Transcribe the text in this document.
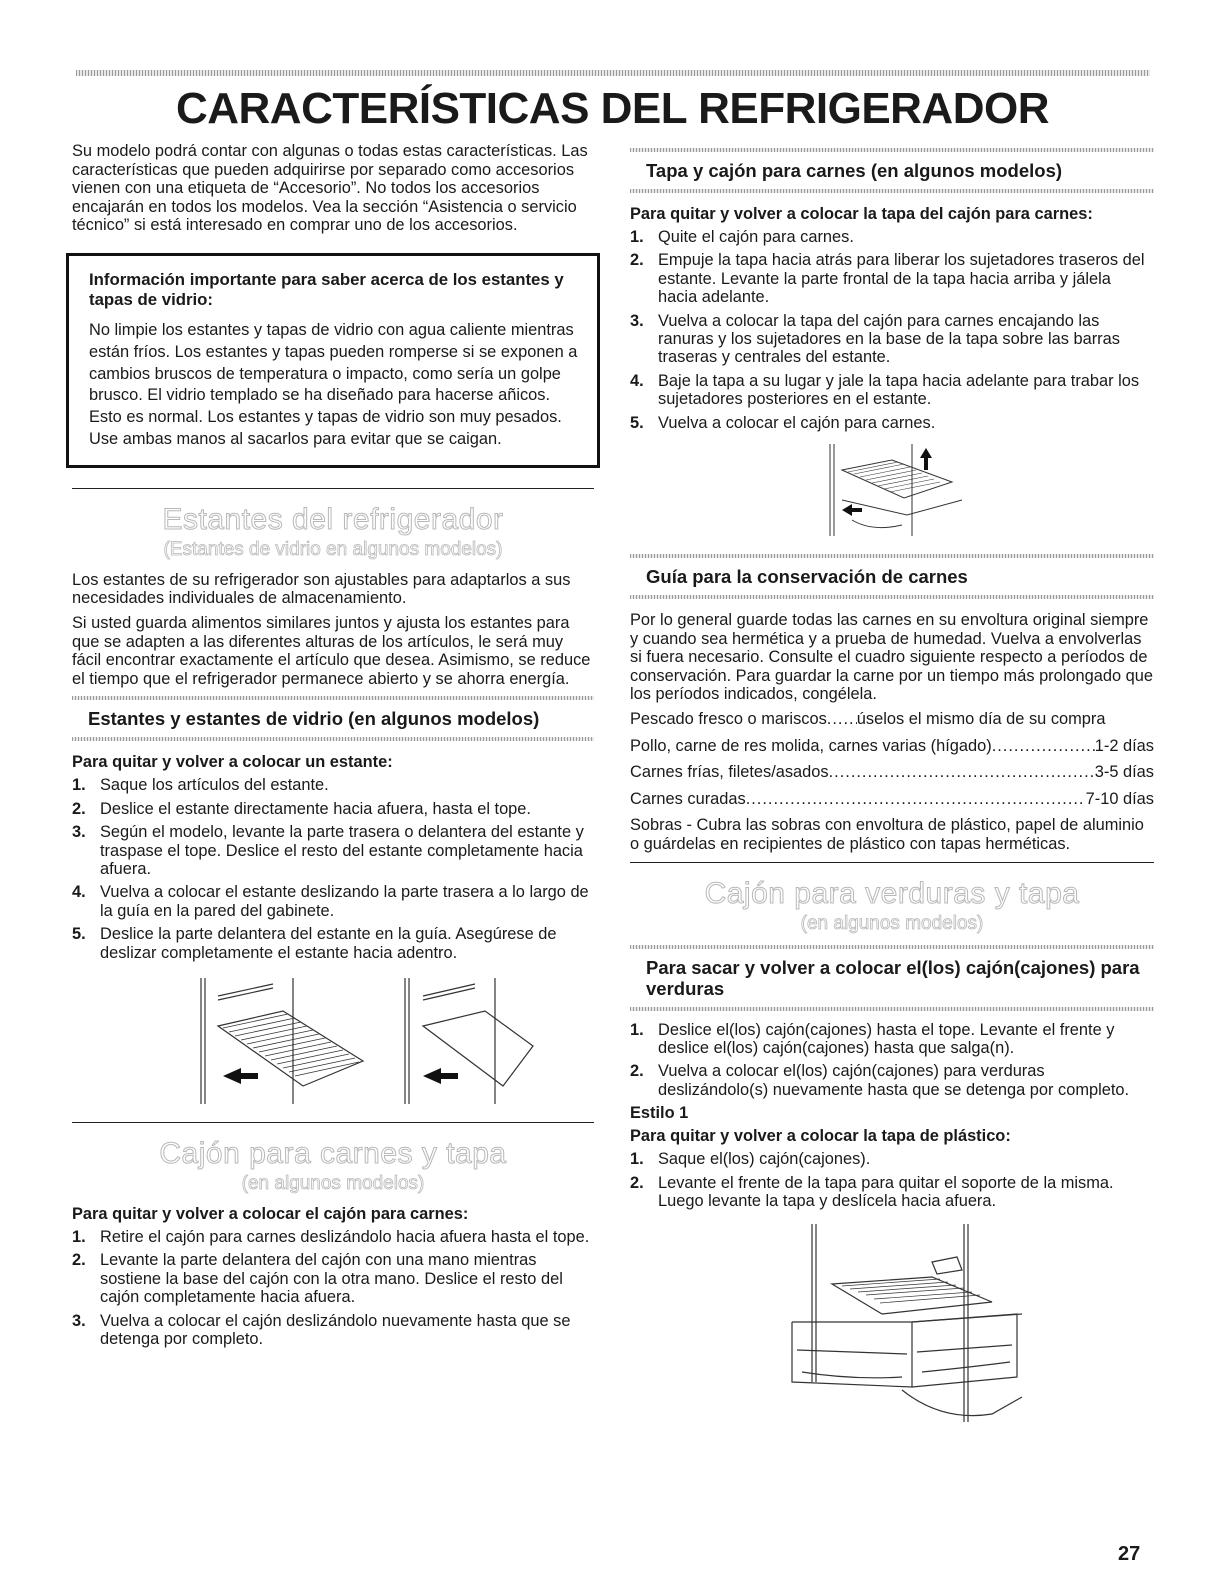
CARACTERÍSTICAS DEL REFRIGERADOR

Su modelo podrá contar con algunas o todas estas características. Las características que pueden adquirirse por separado como accesorios vienen con una etiqueta de “Accesorio”. No todos los accesorios encajarán en todos los modelos. Vea la sección “Asistencia o servicio técnico” si está interesado en comprar uno de los accesorios.

Información importante para saber acerca de los estantes y tapas de vidrio:

No limpie los estantes y tapas de vidrio con agua caliente mientras están fríos. Los estantes y tapas pueden romperse si se exponen a cambios bruscos de temperatura o impacto, como sería un golpe brusco. El vidrio templado se ha diseñado para hacerse añicos. Esto es normal. Los estantes y tapas de vidrio son muy pesados. Use ambas manos al sacarlos para evitar que se caigan.

Estantes del refrigerador
(Estantes de vidrio en algunos modelos)

Los estantes de su refrigerador son ajustables para adaptarlos a sus necesidades individuales de almacenamiento.

Si usted guarda alimentos similares juntos y ajusta los estantes para que se adapten a las diferentes alturas de los artículos, le será muy fácil encontrar exactamente el artículo que desea. Asimismo, se reduce el tiempo que el refrigerador permanece abierto y se ahorra energía.

Estantes y estantes de vidrio (en algunos modelos)
Para quitar y volver a colocar un estante:
1. Saque los artículos del estante.
2. Deslice el estante directamente hacia afuera, hasta el tope.
3. Según el modelo, levante la parte trasera o delantera del estante y traspase el tope. Deslice el resto del estante completamente hacia afuera.
4. Vuelva a colocar el estante deslizando la parte trasera a lo largo de la guía en la pared del gabinete.
5. Deslice la parte delantera del estante en la guía. Asegúrese de deslizar completamente el estante hacia adentro.
Cajón para carnes y tapa
(en algunos modelos)
Para quitar y volver a colocar el cajón para carnes:
1. Retire el cajón para carnes deslizándolo hacia afuera hasta el tope.
2. Levante la parte delantera del cajón con una mano mientras sostiene la base del cajón con la otra mano. Deslice el resto del cajón completamente hacia afuera.
3. Vuelva a colocar el cajón deslizándolo nuevamente hasta que se detenga por completo.
Tapa y cajón para carnes (en algunos modelos)
Para quitar y volver a colocar la tapa del cajón para carnes:
1. Quite el cajón para carnes.
2. Empuje la tapa hacia atrás para liberar los sujetadores traseros del estante. Levante la parte frontal de la tapa hacia arriba y jálela hacia adelante.
3. Vuelva a colocar la tapa del cajón para carnes encajando las ranuras y los sujetadores en la base de la tapa sobre las barras traseras y centrales del estante.
4. Baje la tapa a su lugar y jale la tapa hacia adelante para trabar los sujetadores posteriores en el estante.
5. Vuelva a colocar el cajón para carnes.
Guía para la conservación de carnes

Por lo general guarde todas las carnes en su envoltura original siempre y cuando sea hermética y a prueba de humedad. Vuelva a envolverlas si fuera necesario. Consulte el cuadro siguiente respecto a períodos de conservación. Para guardar la carne por un tiempo más prolongado que los períodos indicados, congélela.

Pescado fresco o mariscos ..... úselos el mismo día de su compra
Pollo, carne de res molida, carnes varias (hígado) .....	1-2 días
Carnes frías, filetes/asados .....	3-5 días
Carnes curadas .....	7-10 días

Sobras - Cubra las sobras con envoltura de plástico, papel de aluminio o guárdelas en recipientes de plástico con tapas herméticas.

Cajón para verduras y tapa
(en algunos modelos)
Para sacar y volver a colocar el(los) cajón(cajones) para verduras
1. Deslice el(los) cajón(cajones) hasta el tope. Levante el frente y deslice el(los) cajón(cajones) hasta que salga(n).
2. Vuelva a colocar el(los) cajón(cajones) para verduras deslizándolo(s) nuevamente hasta que se detenga por completo.
Estilo 1
Para quitar y volver a colocar la tapa de plástico:
1. Saque el(los) cajón(cajones).
2. Levante el frente de la tapa para quitar el soporte de la misma. Luego levante la tapa y deslícela hacia afuera.
27
